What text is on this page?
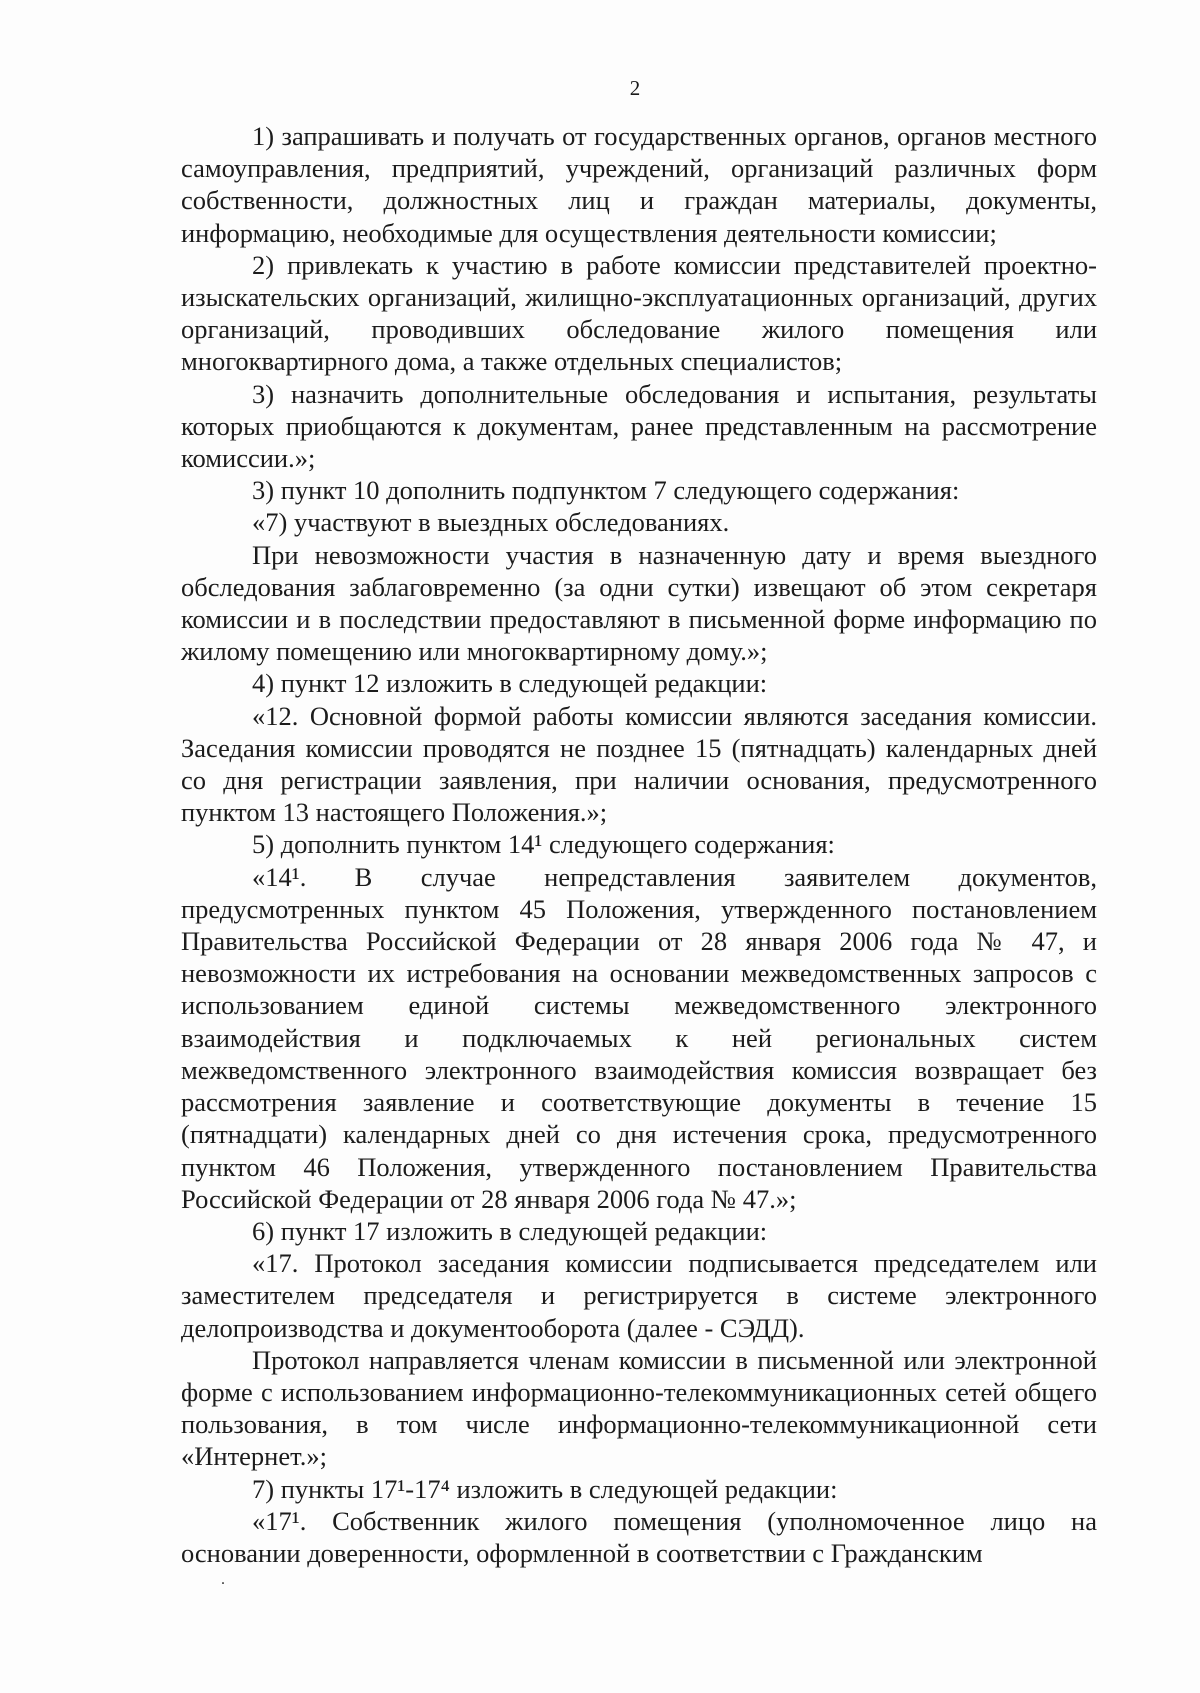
2

1) запрашивать и получать от государственных органов, органов местного самоуправления, предприятий, учреждений, организаций различных форм собственности, должностных лиц и граждан материалы, документы, информацию, необходимые для осуществления деятельности комиссии;

2) привлекать к участию в работе комиссии представителей проектно-изыскательских организаций, жилищно-эксплуатационных организаций, других организаций, проводивших обследование жилого помещения или многоквартирного дома, а также отдельных специалистов;

3) назначить дополнительные обследования и испытания, результаты которых приобщаются к документам, ранее представленным на рассмотрение комиссии.»;

3) пункт 10 дополнить подпунктом 7 следующего содержания:

«7) участвуют в выездных обследованиях.

При невозможности участия в назначенную дату и время выездного обследования заблаговременно (за одни сутки) извещают об этом секретаря комиссии и в последствии предоставляют в письменной форме информацию по жилому помещению или многоквартирному дому.»;

4) пункт 12 изложить в следующей редакции:

«12. Основной формой работы комиссии являются заседания комиссии. Заседания комиссии проводятся не позднее 15 (пятнадцать) календарных дней со дня регистрации заявления, при наличии основания, предусмотренного пунктом 13 настоящего Положения.»;

5) дополнить пунктом 14¹ следующего содержания:

«14¹. В случае непредставления заявителем документов, предусмотренных пунктом 45 Положения, утвержденного постановлением Правительства Российской Федерации от 28 января 2006 года № 47, и невозможности их истребования на основании межведомственных запросов с использованием единой системы межведомственного электронного взаимодействия и подключаемых к ней региональных систем межведомственного электронного взаимодействия комиссия возвращает без рассмотрения заявление и соответствующие документы в течение 15 (пятнадцати) календарных дней со дня истечения срока, предусмотренного пунктом 46 Положения, утвержденного постановлением Правительства Российской Федерации от 28 января 2006 года № 47.»;

6) пункт 17 изложить в следующей редакции:

«17. Протокол заседания комиссии подписывается председателем или заместителем председателя и регистрируется в системе электронного делопроизводства и документооборота (далее - СЭДД).

Протокол направляется членам комиссии в письменной или электронной форме с использованием информационно-телекоммуникационных сетей общего пользования, в том числе информационно-телекоммуникационной сети «Интернет.»;

7) пункты 17¹-17⁴ изложить в следующей редакции:

«17¹. Собственник жилого помещения (уполномоченное лицо на основании доверенности, оформленной в соответствии с Гражданским

.
